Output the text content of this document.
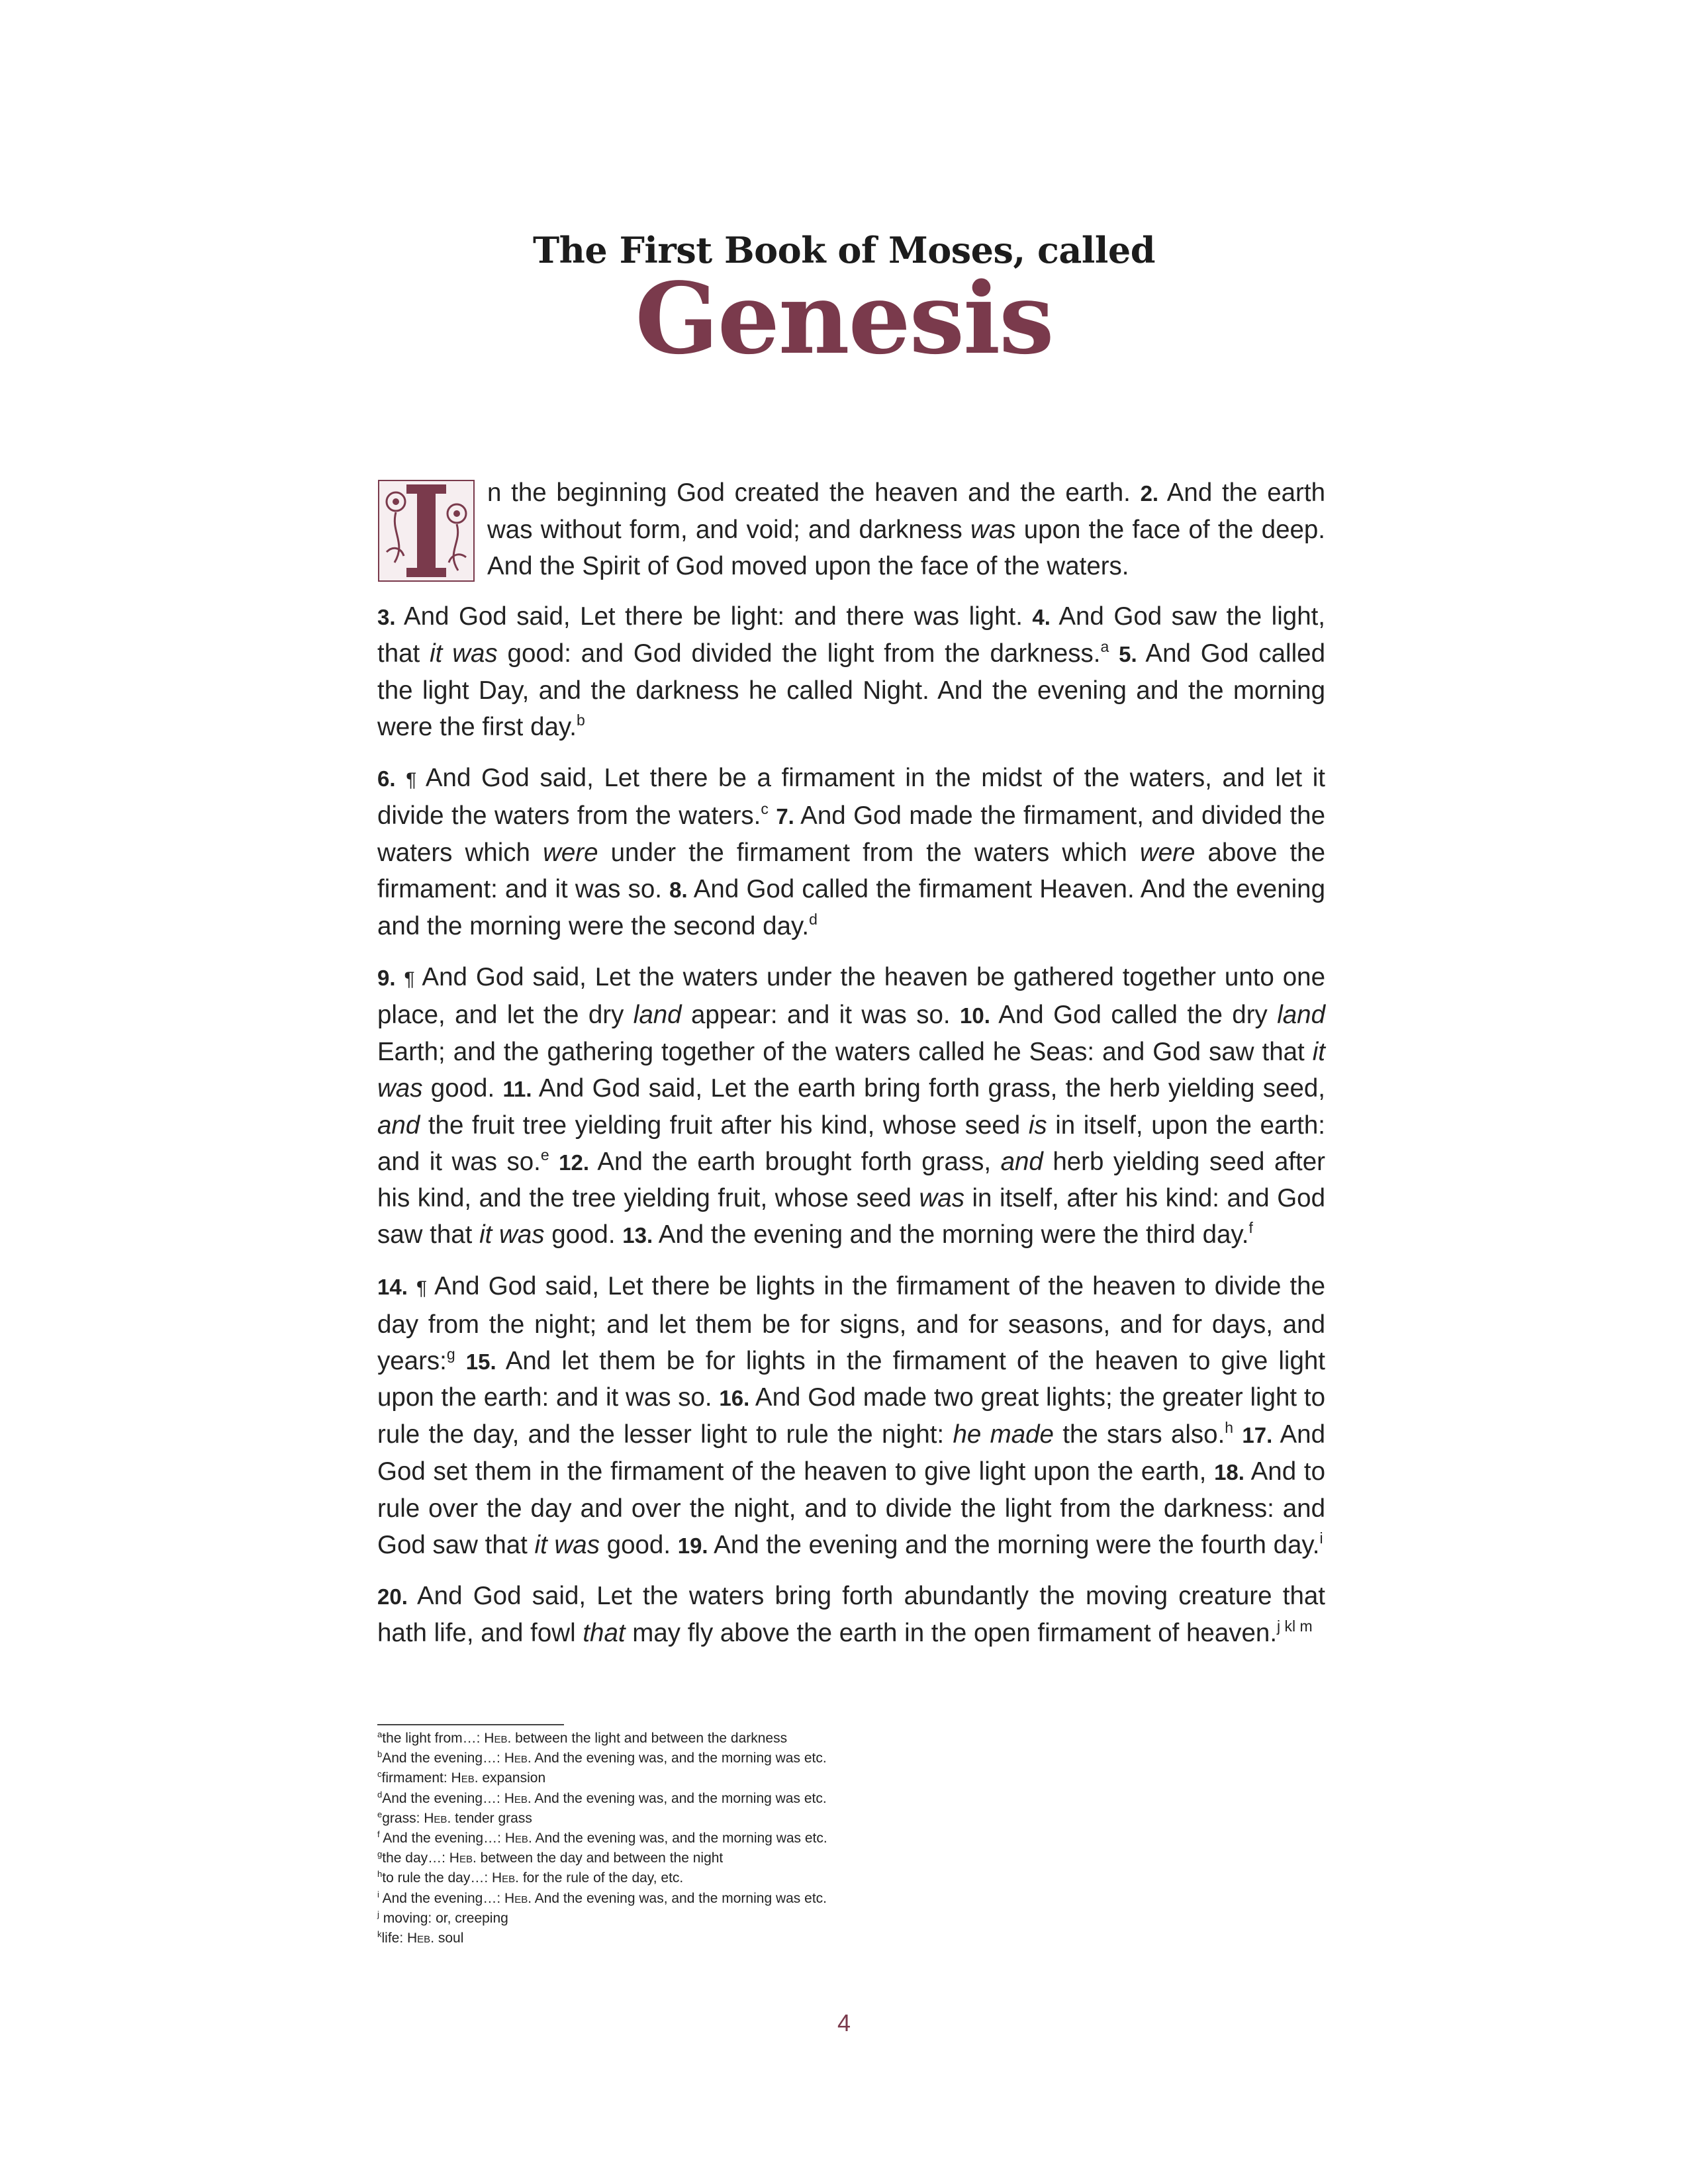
The First Book of Moses, called
Genesis

n the beginning God created the heaven and the earth. 2. And the earth was without form, and void; and darkness was upon the face of the deep. And the Spirit of God moved upon the face of the waters.

3. And God said, Let there be light: and there was light. 4. And God saw the light, that it was good: and God divided the light from the darkness.$^a$ 5. And God called the light Day, and the darkness he called Night. And the evening and the morning were the first day.$^b$

6. ¶ And God said, Let there be a firmament in the midst of the waters, and let it divide the waters from the waters.$^c$ 7. And God made the firmament, and divided the waters which were under the firmament from the waters which were above the firmament: and it was so. 8. And God called the firmament Heaven. And the evening and the morning were the second day.$^d$

9. ¶ And God said, Let the waters under the heaven be gathered together unto one place, and let the dry land appear: and it was so. 10. And God called the dry land Earth; and the gathering together of the waters called he Seas: and God saw that it was good. 11. And God said, Let the earth bring forth grass, the herb yielding seed, and the fruit tree yielding fruit after his kind, whose seed is in itself, upon the earth: and it was so.$^e$ 12. And the earth brought forth grass, and herb yielding seed after his kind, and the tree yielding fruit, whose seed was in itself, after his kind: and God saw that it was good. 13. And the evening and the morning were the third day.$^f$

14. ¶ And God said, Let there be lights in the firmament of the heaven to divide the day from the night; and let them be for signs, and for seasons, and for days, and years:$^g$ 15. And let them be for lights in the firmament of the heaven to give light upon the earth: and it was so. 16. And God made two great lights; the greater light to rule the day, and the lesser light to rule the night: he made the stars also.$^h$ 17. And God set them in the firmament of the heaven to give light upon the earth, 18. And to rule over the day and over the night, and to divide the light from the darkness: and God saw that it was good. 19. And the evening and the morning were the fourth day.$^i$

20. And God said, Let the waters bring forth abundantly the moving creature that hath life, and fowl that may fly above the earth in the open firmament of heaven.$^{j kl m}$

$^a$the light from…: Heb. between the light and between the darkness
$^b$And the evening…: Heb. And the evening was, and the morning was etc.
$^c$firmament: Heb. expansion
$^d$And the evening…: Heb. And the evening was, and the morning was etc.
$^e$grass: Heb. tender grass
$^f$ And the evening…: Heb. And the evening was, and the morning was etc.
$^g$the day…: Heb. between the day and between the night
$^h$to rule the day…: Heb. for the rule of the day, etc.
$^i$ And the evening…: Heb. And the evening was, and the morning was etc.
$^j$ moving: or, creeping
$^k$life: Heb. soul
4
